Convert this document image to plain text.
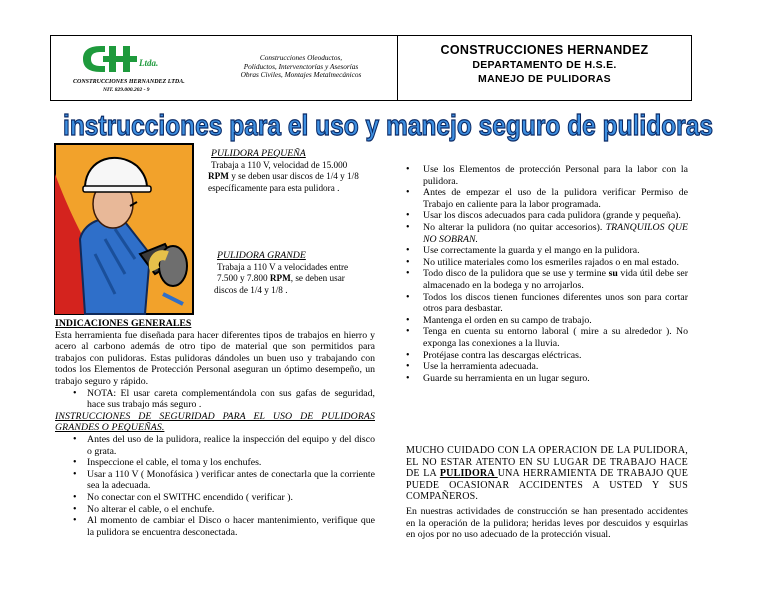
Ltda.
CONSTRUCCIONES HERNANDEZ LTDA.
NIT. 829.000.202 - 9
Construcciones Oleoductos,
Poliductos, Intervenctorías y Asesorías
Obras Civiles, Montajes Metalmecánicos
CONSTRUCCIONES HERNANDEZ
DEPARTAMENTO DE H.S.E.
MANEJO DE PULIDORAS
instrucciones para el uso y manejo seguro de pulidoras
PULIDORA PEQUEÑA
Trabaja a 110 V, velocidad de 15.000
RPM y se deben usar discos de 1/4 y 1/8
específicamente para esta pulidora .
PULIDORA GRANDE
Trabaja a 110 V a velocidades entre
7.500 y 7.800 RPM, se deben usar
discos de 1/4 y 1/8 .
INDICACIONES GENERALES
Esta herramienta fue diseñada para hacer diferentes tipos de trabajos en hierro y acero al carbono además de otro tipo de material que son permitidos para trabajos con pulidoras. Estas pulidoras dándoles un buen uso y trabajando con todos los Elementos de Protección Personal aseguran un óptimo desempeño, un trabajo seguro y rápido.
• NOTA: El usar careta complementándola con sus gafas de seguridad, hace sus trabajo más seguro .
INSTRUCCIONES DE SEGURIDAD PARA EL USO DE PULIDORAS GRANDES O PEQUEÑAS.
• Antes del uso de la pulidora, realice la inspección del equipo y del disco o grata.
• Inspeccione el cable, el toma y los enchufes.
• Usar a 110 V ( Monofásica ) verificar antes de conectarla que la corriente sea la adecuada.
• No conectar con el SWITHC encendido ( verificar ).
• No alterar el cable, o el enchufe.
• Al momento de cambiar el Disco o hacer mantenimiento, verifique que la pulidora se encuentra desconectada.
• Use los Elementos de protección Personal para la labor con la pulidora.
• Antes de empezar el uso de la pulidora verificar Permiso de Trabajo en caliente para la labor programada.
• Usar los discos adecuados para cada pulidora (grande y pequeña).
• No alterar la pulidora (no quitar accesorios). TRANQUILOS QUE NO SOBRAN.
• Use correctamente la guarda y el mango en la pulidora.
• No utilice materiales como los esmeriles rajados o en mal estado.
• Todo disco de la pulidora que se use y termine su vida útil debe ser almacenado en la bodega y no arrojarlos.
• Todos los discos tienen funciones diferentes unos son para cortar otros para desbastar.
• Mantenga el orden en su campo de trabajo.
• Tenga en cuenta su entorno laboral ( mire a su alrededor ). No exponga las conexiones a la lluvia.
• Protéjase contra las descargas eléctricas.
• Use la herramienta adecuada.
• Guarde su herramienta en un lugar seguro.
MUCHO CUIDADO CON LA OPERACION DE LA PULIDORA, EL NO ESTAR ATENTO EN SU LUGAR DE TRABAJO HACE DE LA PULIDORA UNA HERRAMIENTA DE TRABAJO QUE PUEDE OCASIONAR ACCIDENTES A USTED Y SUS COMPAÑEROS.
En nuestras actividades de construcción se han presentado accidentes en la operación de la pulidora; heridas leves por descuidos y esquirlas en ojos por no uso adecuado de la protección visual.
